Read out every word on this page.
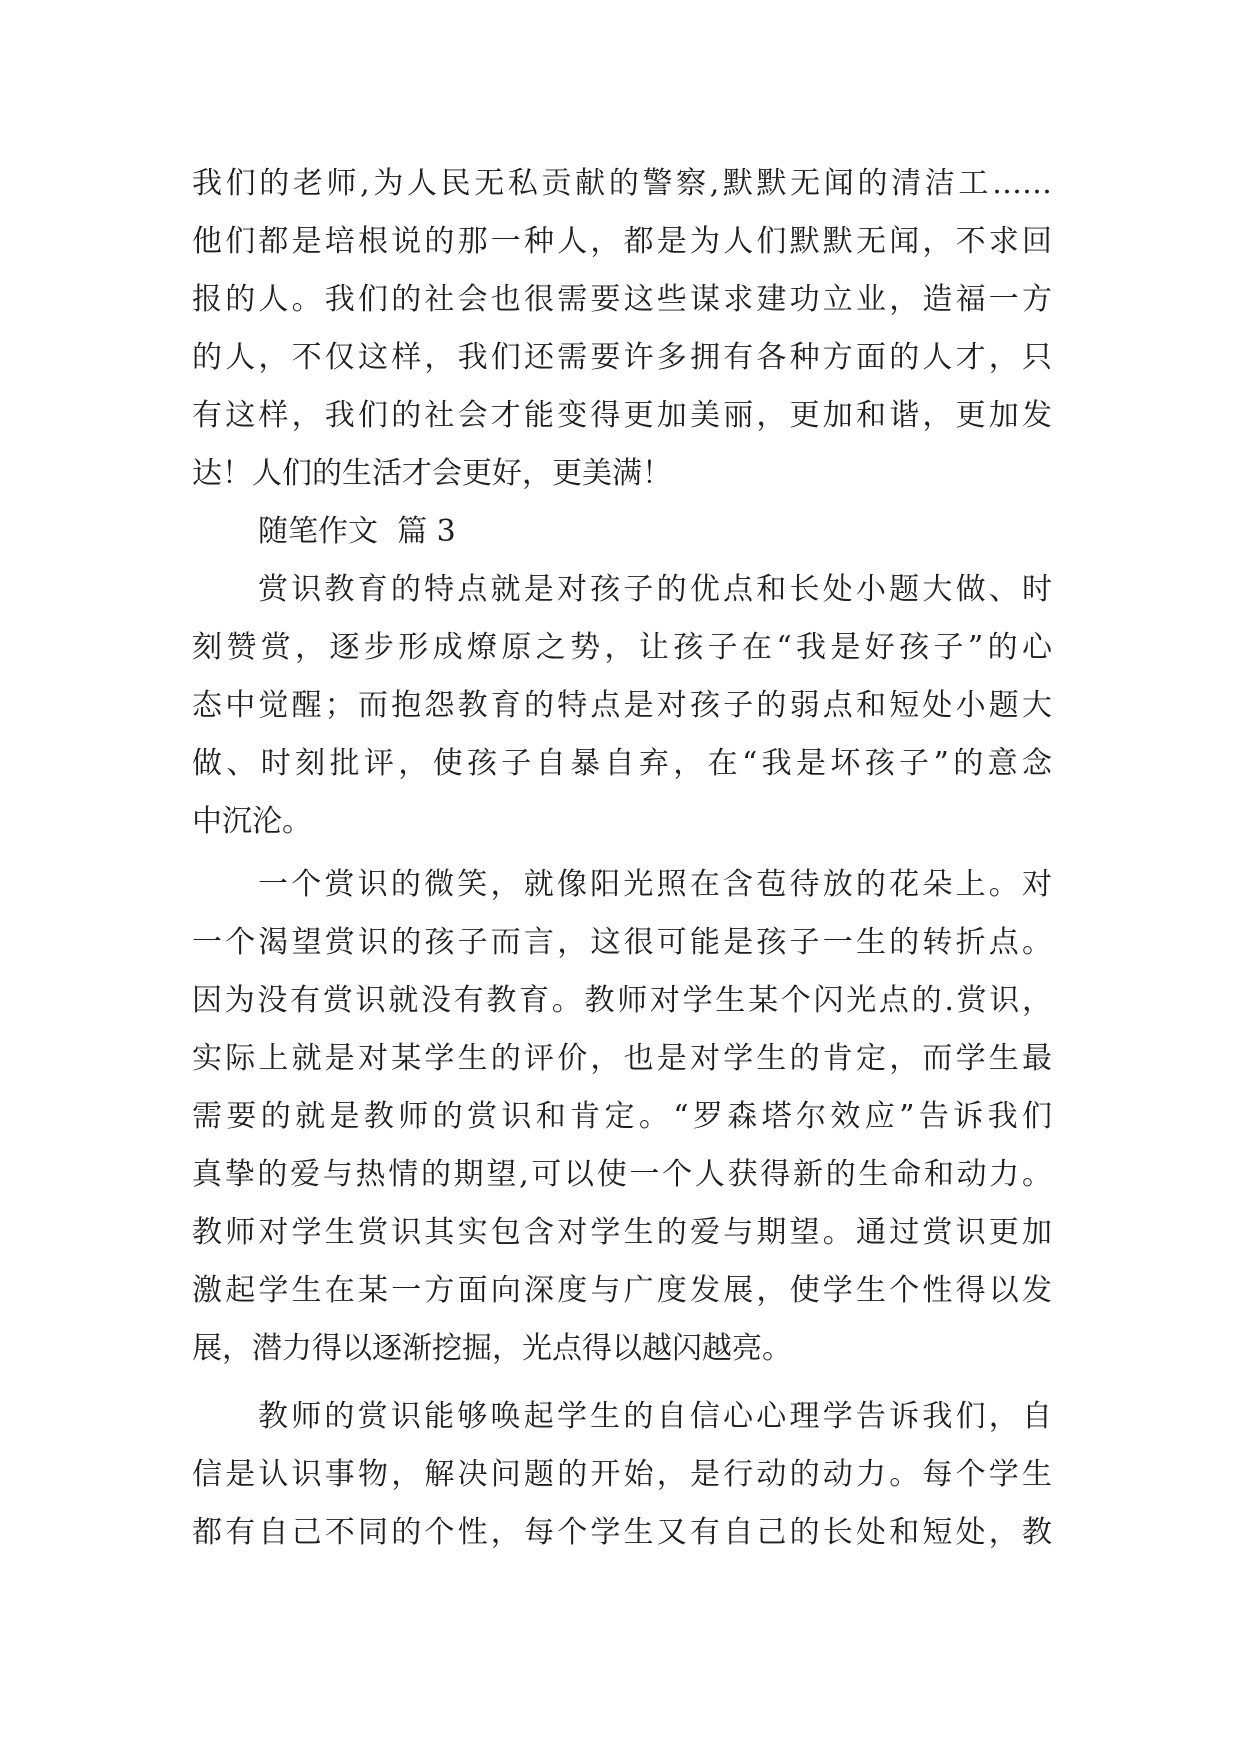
我们的老师,为人民无私贡献的警察,默默无闻的清洁工……
他们都是培根说的那一种人，都是为人们默默无闻，不求回
报的人。我们的社会也很需要这些谋求建功立业，造福一方
的人，不仅这样，我们还需要许多拥有各种方面的人才，只
有这样，我们的社会才能变得更加美丽，更加和谐，更加发
达！人们的生活才会更好，更美满！
随笔作文  篇 3
赏识教育的特点就是对孩子的优点和长处小题大做、时
刻赞赏，逐步形成燎原之势，让孩子在“我是好孩子”的心
态中觉醒；而抱怨教育的特点是对孩子的弱点和短处小题大
做、时刻批评，使孩子自暴自弃，在“我是坏孩子”的意念
中沉沦。
一个赏识的微笑，就像阳光照在含苞待放的花朵上。对
一个渴望赏识的孩子而言，这很可能是孩子一生的转折点。
因为没有赏识就没有教育。教师对学生某个闪光点的.赏识，
实际上就是对某学生的评价，也是对学生的肯定，而学生最
需要的就是教师的赏识和肯定。“罗森塔尔效应”告诉我们
真挚的爱与热情的期望,可以使一个人获得新的生命和动力。
教师对学生赏识其实包含对学生的爱与期望。通过赏识更加
激起学生在某一方面向深度与广度发展，使学生个性得以发
展，潜力得以逐渐挖掘，光点得以越闪越亮。
教师的赏识能够唤起学生的自信心心理学告诉我们，自
信是认识事物，解决问题的开始，是行动的动力。每个学生
都有自己不同的个性，每个学生又有自己的长处和短处，教
